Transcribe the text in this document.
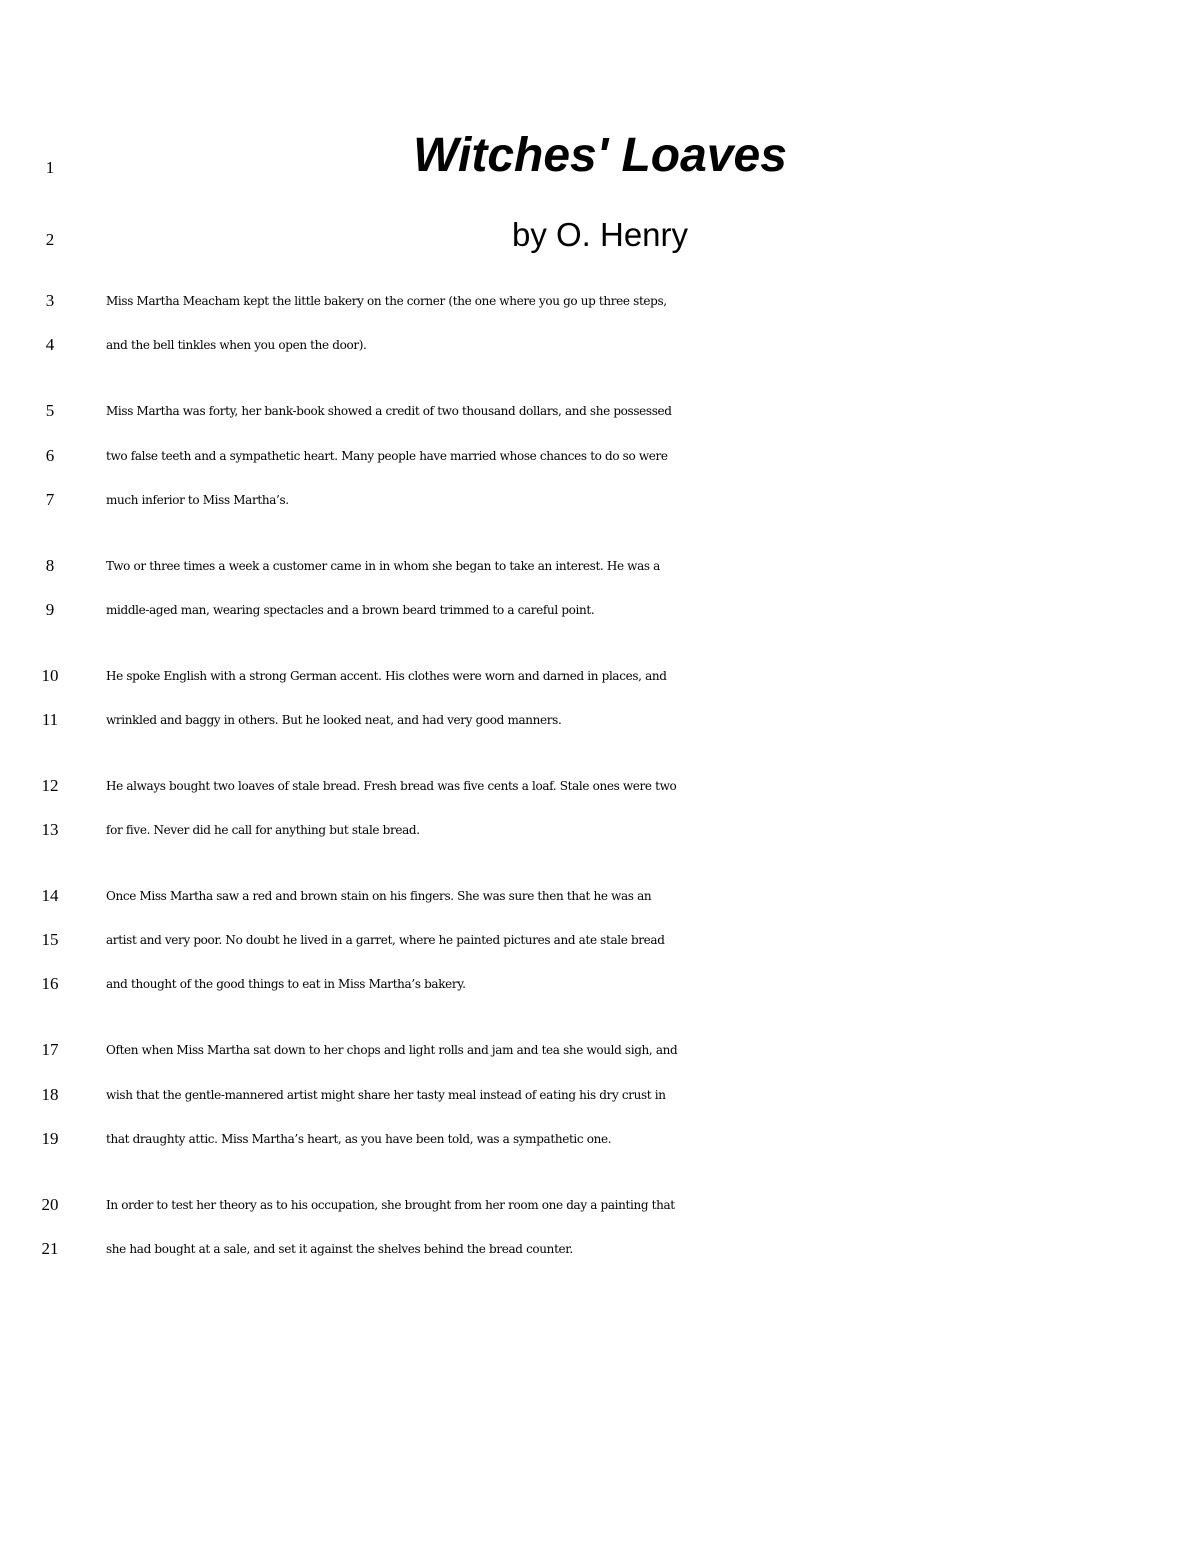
Witches' Loaves
by O. Henry
1
2
3	Miss Martha Meacham kept the little bakery on the corner (the one where you go up three steps,
4	and the bell tinkles when you open the door).
5	Miss Martha was forty, her bank-book showed a credit of two thousand dollars, and she possessed
6	two false teeth and a sympathetic heart. Many people have married whose chances to do so were
7	much inferior to Miss Martha’s.
8	Two or three times a week a customer came in in whom she began to take an interest. He was a
9	middle-aged man, wearing spectacles and a brown beard trimmed to a careful point.
10	He spoke English with a strong German accent. His clothes were worn and darned in places, and
11	wrinkled and baggy in others. But he looked neat, and had very good manners.
12	He always bought two loaves of stale bread. Fresh bread was five cents a loaf. Stale ones were two
13	for five. Never did he call for anything but stale bread.
14	Once Miss Martha saw a red and brown stain on his fingers. She was sure then that he was an
15	artist and very poor. No doubt he lived in a garret, where he painted pictures and ate stale bread
16	and thought of the good things to eat in Miss Martha’s bakery.
17	Often when Miss Martha sat down to her chops and light rolls and jam and tea she would sigh, and
18	wish that the gentle-mannered artist might share her tasty meal instead of eating his dry crust in
19	that draughty attic. Miss Martha’s heart, as you have been told, was a sympathetic one.
20	In order to test her theory as to his occupation, she brought from her room one day a painting that
21	she had bought at a sale, and set it against the shelves behind the bread counter.
